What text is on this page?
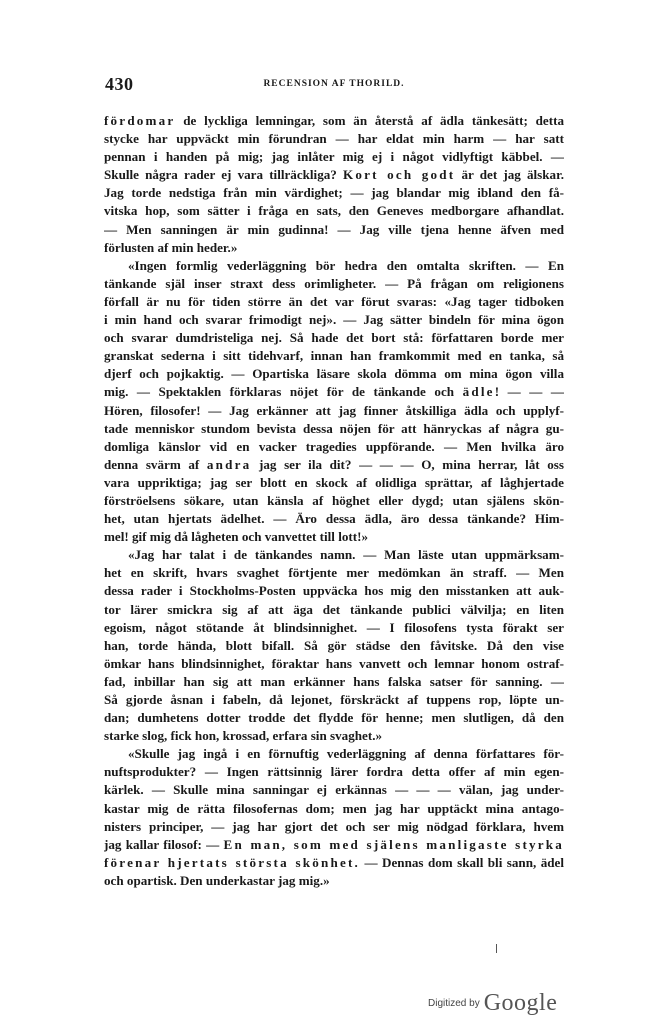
430	RECENSION AF THORILD.
fördomar de lyckliga lemningar, som än återstå af ädla tänkesätt; detta
stycke har uppväckt min förundran — har eldat min harm — har satt
pennan i handen på mig; jag inlåter mig ej i något vidlyftigt käbbel. —
Skulle några rader ej vara tillräckliga? Kort och godt är det jag älskar.
Jag torde nedstiga från min värdighet; — jag blandar mig ibland den få-
vitska hop, som sätter i fråga en sats, den Geneves medborgare afhandlat.
— Men sanningen är min gudinna! — Jag ville tjena henne äfven med
förlusten af min heder.»
«Ingen formlig vederläggning bör hedra den omtalta skriften. — En
tänkande själ inser straxt dess orimligheter. — På frågan om religionens
förfall är nu för tiden större än det var förut svaras: «Jag tager tidboken
i min hand och svarar frimodigt nej». — Jag sätter bindeln för mina ögon
och svarar dumdristeligа nej. Så hade det bort stå: författaren borde mer
granskat sederna i sitt tidehvarf, innan han framkommit med en tanka, så
djerf och pojkaktig. — Opartiska läsare skola dömma om mina ögon villa
mig. — Spektaklen förklaras nöjet för de tänkande och ädle! — — —
Hören, filosofer! — Jag erkänner att jag finner åtskilliga ädla och upplyf-
tade menniskor stundom bevista dessa nöjen för att hänryckas af några gu-
domliga känslor vid en vacker tragedies uppförande. — Men hvilka äro
denna svärm af andra jag ser ila dit? — — — O, mina herrar, låt oss
vara uppriktiga; jag ser blott en skock af olidliga sprättar, af låghjertade
förströelsens sökare, utan känsla af höghet eller dygd; utan själens skön-
het, utan hjertats ädelhet. — Äro dessa ädla, äro dessa tänkande? Him-
mel! gif mig då lågheten och vanvettet till lott!»
«Jag har talat i de tänkandes namn. — Man läste utan uppmärksam-
het en skrift, hvars svaghet förtjente mer medömkan än straff. — Men
dessa rader i Stockholms-Posten uppväcka hos mig den misstanken att auk-
tor lärer smickra sig af att äga det tänkande publici välvilja; en liten
egoism, något stötande åt blindsinnighet. — I filosofens tysta förakt ser
han, torde hända, blott bifall. Så gör städse den fåvitske. Då den vise
ömkar hans blindsinnighet, föraktar hans vanvett och lemnar honom ostraf-
fad, inbillar han sig att man erkänner hans falska satser för sanning. —
Så gjorde åsnan i fabeln, då lejonet, förskräckt af tuppens rop, löpte un-
dan; dumhetens dotter trodde det flydde för henne; men slutligen, då den
starke slog, fick hon, krossad, erfara sin svaghet.»
«Skulle jag ingå i en förnuftig vederläggning af denna författares för-
nuftsprodukter? — Ingen rättsinnig lärer fordra detta offer af min egen-
kärlek. — Skulle mina sanningar ej erkännas — — — välan, jag under-
kastar mig de rätta filosofernas dom; men jag har upptäckt mina antago-
nisters principer, — jag har gjort det och ser mig nödgad förklara, hvem
jag kallar filosof: — En man, som med själens manligaste styrka
förenar hjertats största skönhet. — Dennas dom skall bli sann, ädel
och opartisk. Den underkastar jag mig.»
Digitized by Google
